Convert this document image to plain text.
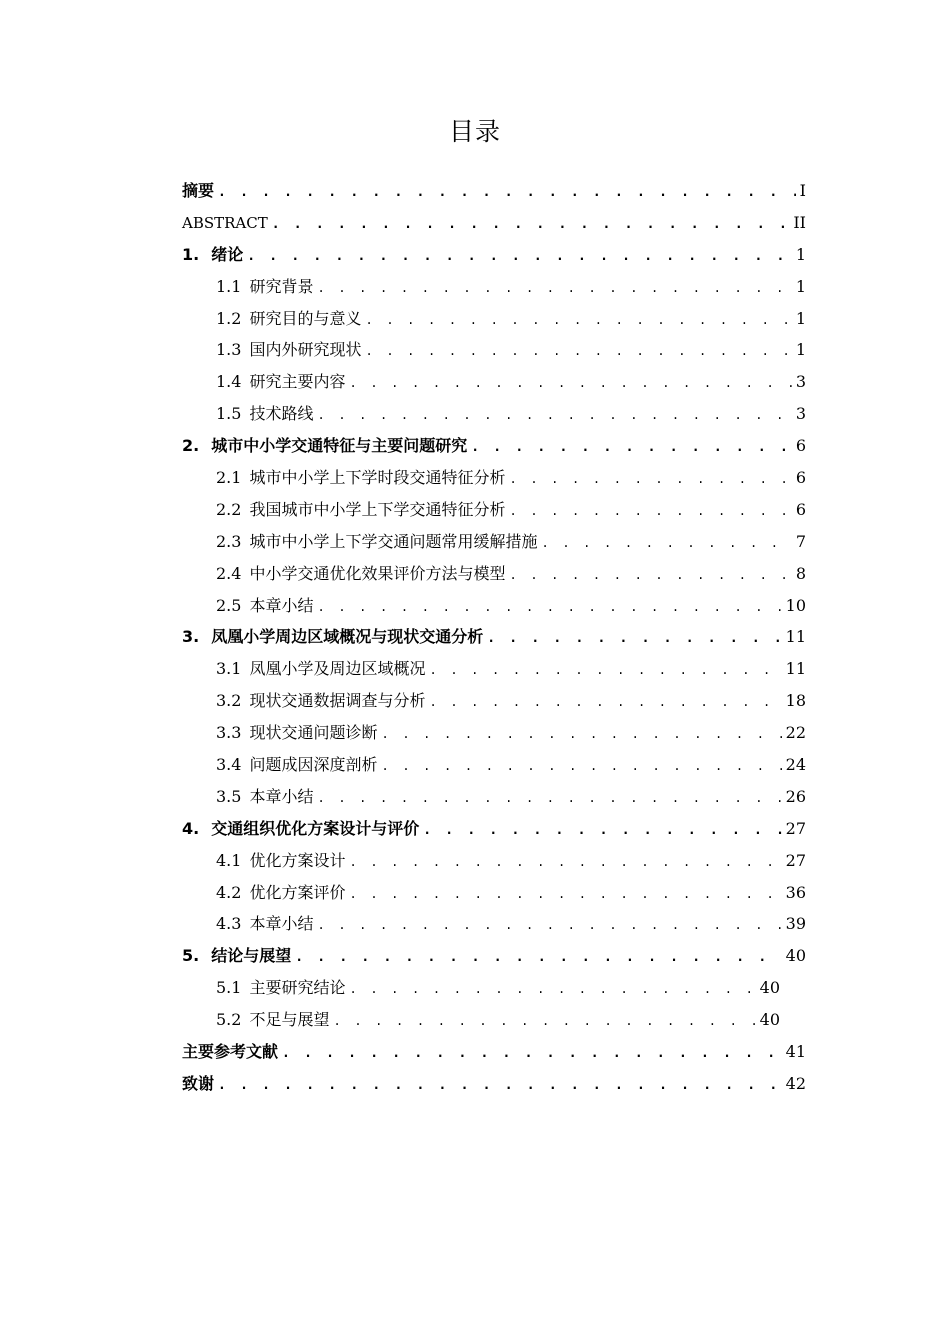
目录
摘要 . . .	I
ABSTRACT . . .	II
1. 绪论 . . .	1
1.1 研究背景 . . .	1
1.2 研究目的与意义 . . .	1
1.3 国内外研究现状 . . .	1
1.4 研究主要内容 . . .	3
1.5 技术路线 . . .	3
2. 城市中小学交通特征与主要问题研究 . . .	6
2.1 城市中小学上下学时段交通特征分析 . . .	6
2.2 我国城市中小学上下学交通特征分析 . . .	6
2.3 城市中小学上下学交通问题常用缓解措施 . . .	7
2.4 中小学交通优化效果评价方法与模型 . . .	8
2.5 本章小结 . . .	10
3. 凤凰小学周边区域概况与现状交通分析 . . .	11
3.1 凤凰小学及周边区域概况 . . .	11
3.2 现状交通数据调查与分析 . . .	18
3.3 现状交通问题诊断 . . .	22
3.4 问题成因深度剖析 . . .	24
3.5 本章小结 . . .	26
4. 交通组织优化方案设计与评价 . . .	27
4.1 优化方案设计 . . .	27
4.2 优化方案评价 . . .	36
4.3 本章小结 . . .	39
5. 结论与展望 . . .	40
5.1 主要研究结论 . . .	40
5.2 不足与展望 . . .	40
主要参考文献 . . .	41
致谢 . . .	42
